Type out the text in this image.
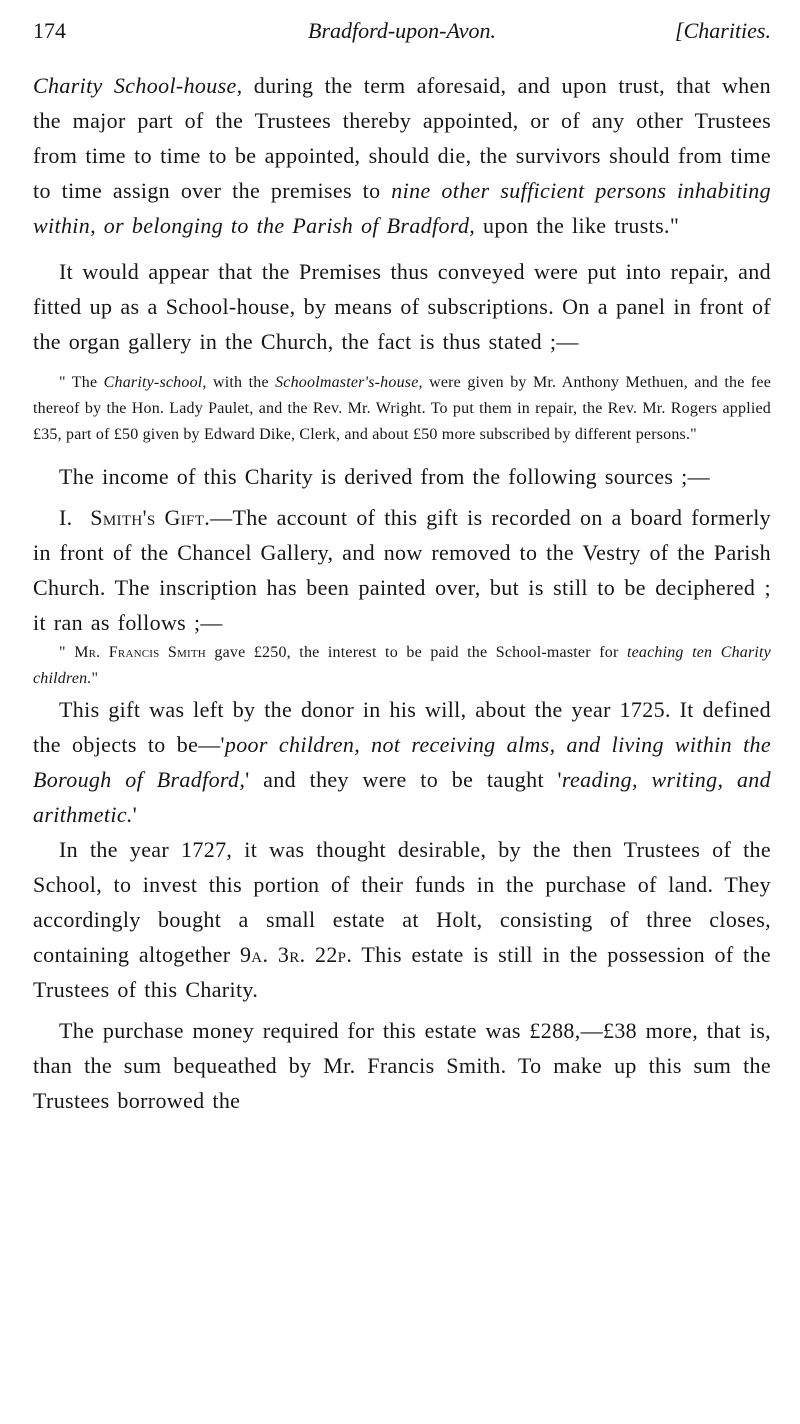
174	Bradford-upon-Avon.	[Charities.

Charity School-house, during the term aforesaid, and upon trust, that when the major part of the Trustees thereby appointed, or of any other Trustees from time to time to be appointed, should die, the survivors should from time to time assign over the premises to nine other sufficient persons inhabiting within, or belonging to the Parish of Bradford, upon the like trusts."

It would appear that the Premises thus conveyed were put into repair, and fitted up as a School-house, by means of subscriptions. On a panel in front of the organ gallery in the Church, the fact is thus stated ;—

" The Charity-school, with the Schoolmaster's-house, were given by Mr. Anthony Methuen, and the fee thereof by the Hon. Lady Paulet, and the Rev. Mr. Wright. To put them in repair, the Rev. Mr. Rogers applied £35, part of £50 given by Edward Dike, Clerk, and about £50 more subscribed by different persons."

The income of this Charity is derived from the following sources ;—

I. Smith's Gift.—The account of this gift is recorded on a board formerly in front of the Chancel Gallery, and now removed to the Vestry of the Parish Church. The inscription has been painted over, but is still to be deciphered ; it ran as follows ;—

" Mr. Francis Smith gave £250, the interest to be paid the School-master for teaching ten Charity children."

This gift was left by the donor in his will, about the year 1725. It defined the objects to be—'poor children, not receiving alms, and living within the Borough of Bradford,' and they were to be taught 'reading, writing, and arithmetic.'

In the year 1727, it was thought desirable, by the then Trustees of the School, to invest this portion of their funds in the purchase of land. They accordingly bought a small estate at Holt, consisting of three closes, containing altogether 9a. 3r. 22p. This estate is still in the possession of the Trustees of this Charity.

The purchase money required for this estate was £288,—£38 more, that is, than the sum bequeathed by Mr. Francis Smith. To make up this sum the Trustees borrowed the
